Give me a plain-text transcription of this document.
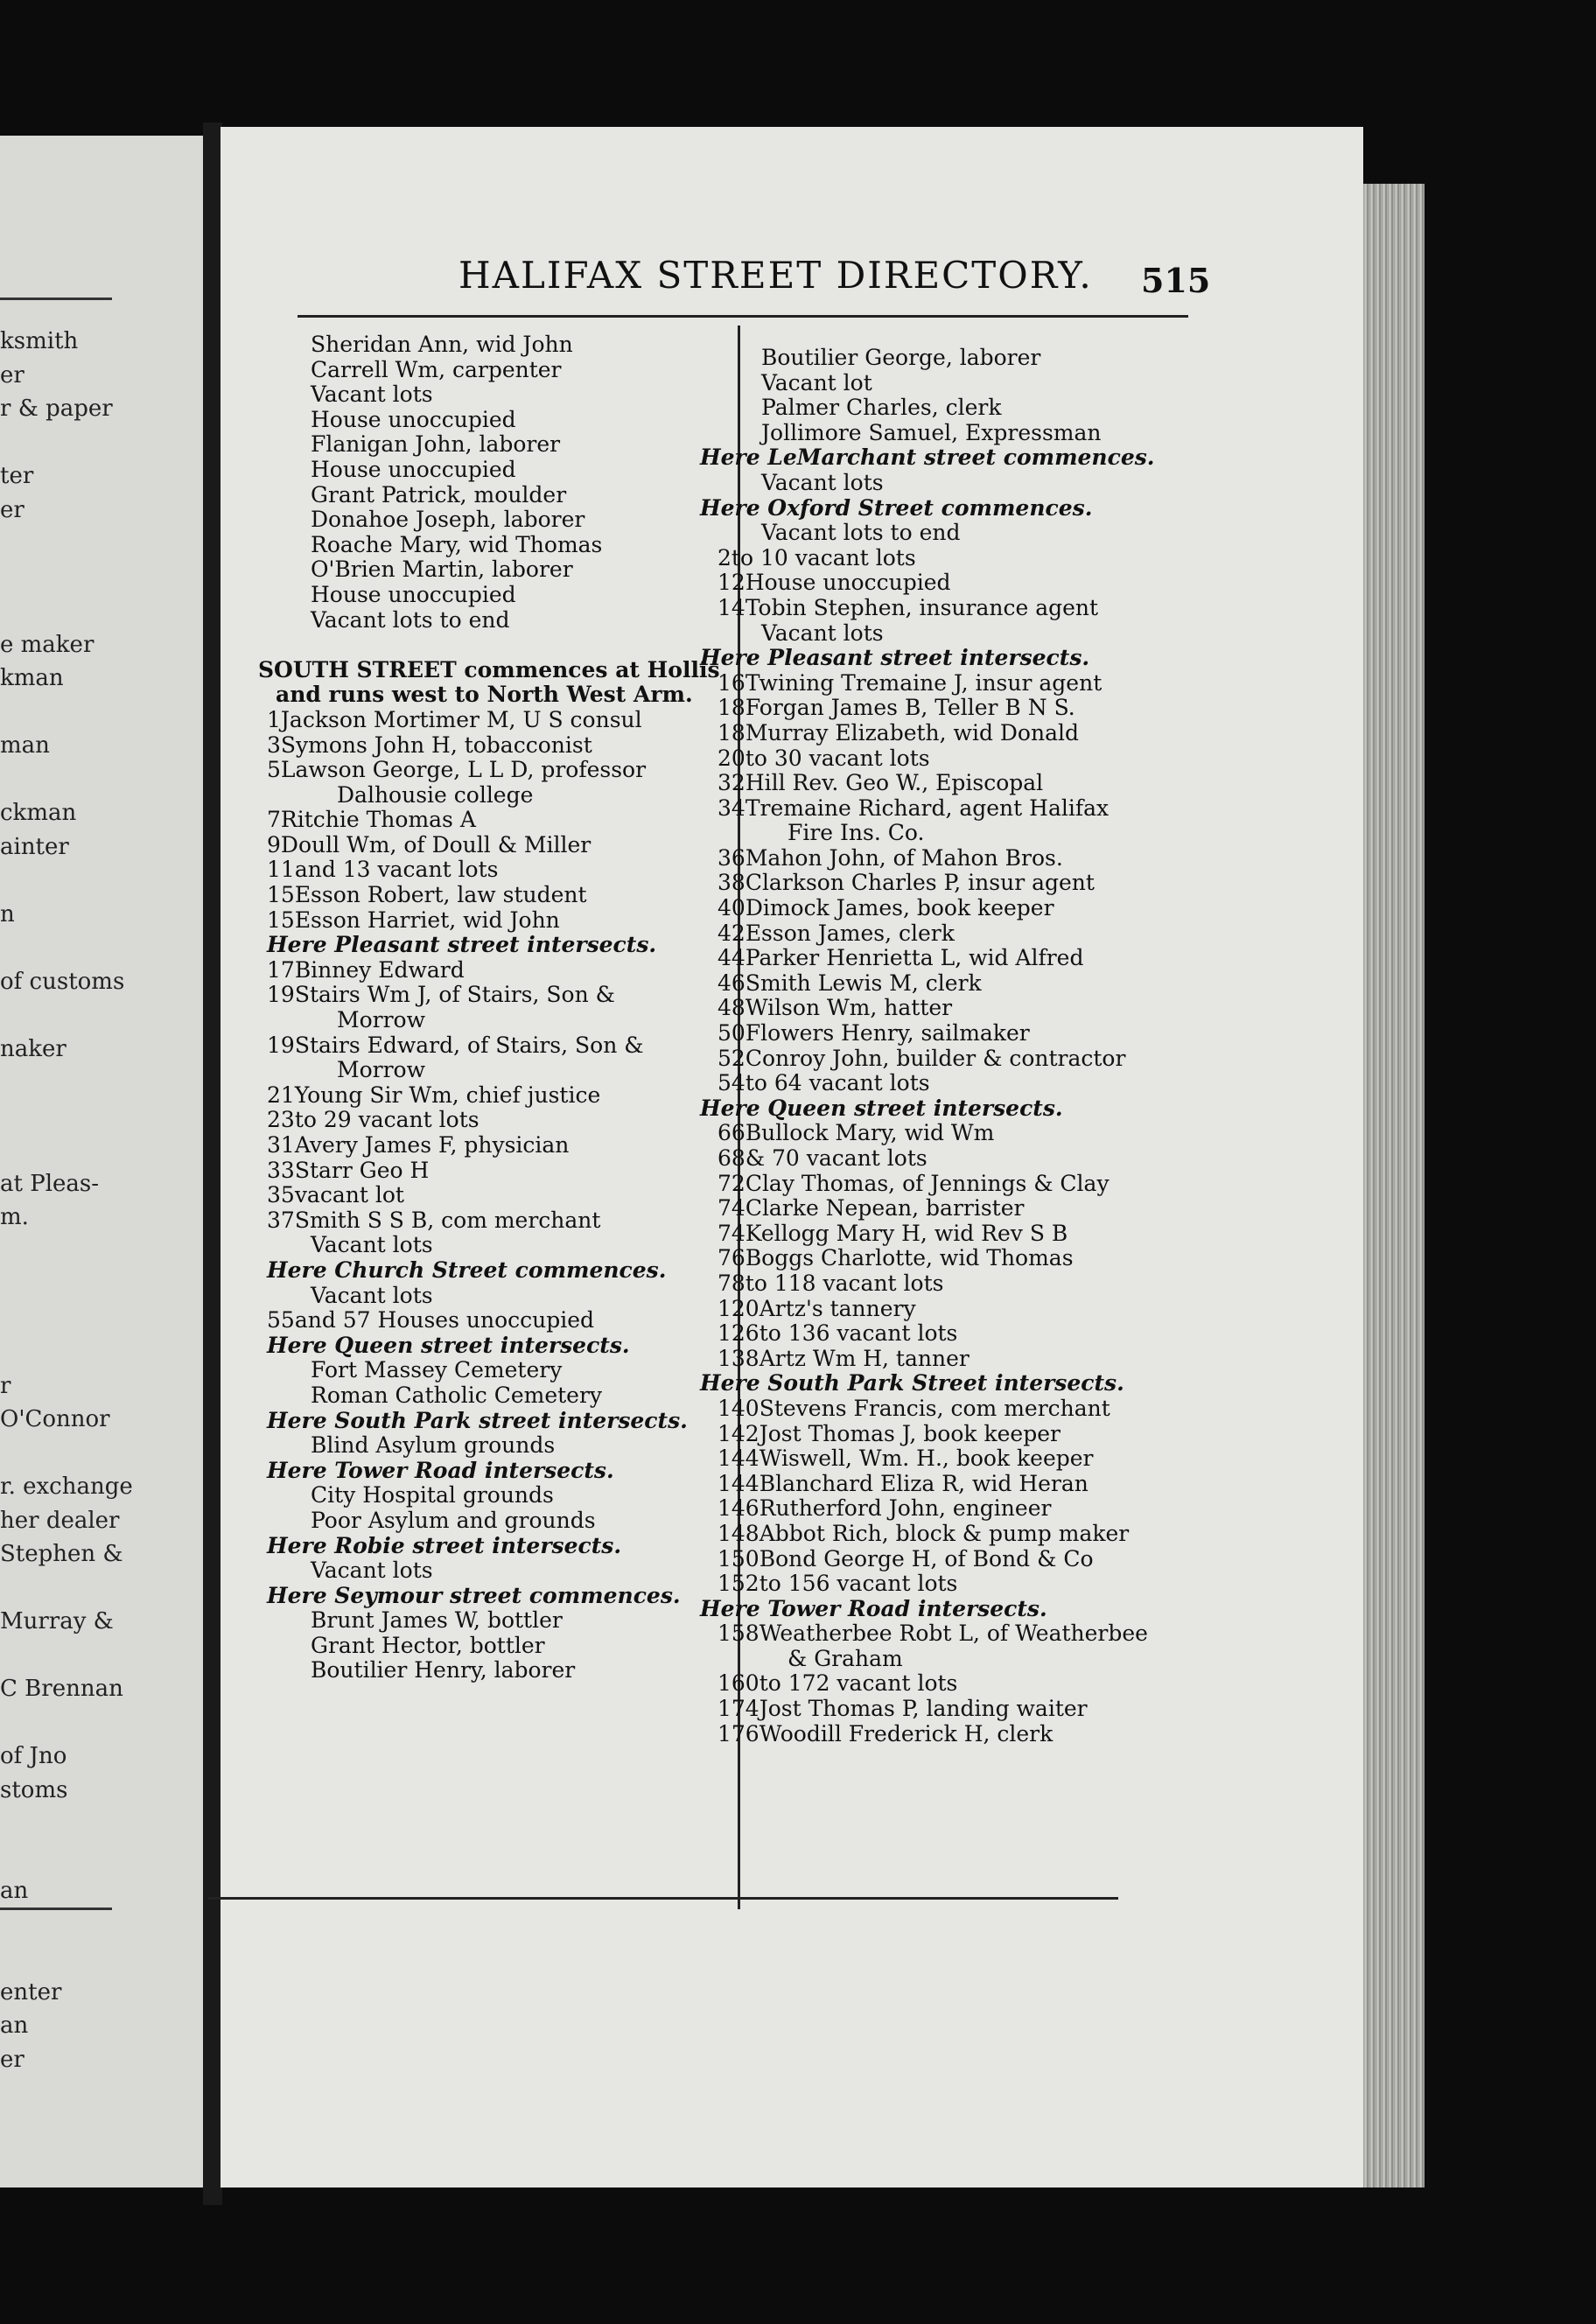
ksmith
er
r & paper
ter
er
e maker
kman
man
ckman
ainter
n
of customs
naker
at Pleas-
m.
r
O'Connor
r. exchange
her dealer
Stephen &
Murray &
C Brennan
of Jno
stoms
an
enter
an
er
HALIFAX STREET DIRECTORY. 515
Sheridan Ann, wid John
Carrell Wm, carpenter
Vacant lots
House unoccupied
Flanigan John, laborer
House unoccupied
Grant Patrick, moulder
Donahoe Joseph, laborer
Roache Mary, wid Thomas
O'Brien Martin, laborer
House unoccupied
Vacant lots to end
SOUTH STREET commences at Hollis
and runs west to North West Arm.
1Jackson Mortimer M, U S consul
3Symons John H, tobacconist
5Lawson George, L L D, professor
Dalhousie college
7Ritchie Thomas A
9Doull Wm, of Doull & Miller
11and 13 vacant lots
15Esson Robert, law student
15Esson Harriet, wid John
Here Pleasant street intersects.
17Binney Edward
19Stairs Wm J, of Stairs, Son &
Morrow
19Stairs Edward, of Stairs, Son &
Morrow
21Young Sir Wm, chief justice
23to 29 vacant lots
31Avery James F, physician
33Starr Geo H
35vacant lot
37Smith S S B, com merchant
Vacant lots
Here Church Street commences.
Vacant lots
55and 57 Houses unoccupied
Here Queen street intersects.
Fort Massey Cemetery
Roman Catholic Cemetery
Here South Park street intersects.
Blind Asylum grounds
Here Tower Road intersects.
City Hospital grounds
Poor Asylum and grounds
Here Robie street intersects.
Vacant lots
Here Seymour street commences.
Brunt James W, bottler
Grant Hector, bottler
Boutilier Henry, laborer
Boutilier George, laborer
Vacant lot
Palmer Charles, clerk
Jollimore Samuel, Expressman
Here LeMarchant street commences.
Vacant lots
Here Oxford Street commences.
Vacant lots to end
2to 10 vacant lots
12House unoccupied
14Tobin Stephen, insurance agent
Vacant lots
Here Pleasant street intersects.
16Twining Tremaine J, insur agent
18Forgan James B, Teller B N S.
18Murray Elizabeth, wid Donald
20to 30 vacant lots
32Hill Rev. Geo W., Episcopal
34Tremaine Richard, agent Halifax
Fire Ins. Co.
36Mahon John, of Mahon Bros.
38Clarkson Charles P, insur agent
40Dimock James, book keeper
42Esson James, clerk
44Parker Henrietta L, wid Alfred
46Smith Lewis M, clerk
48Wilson Wm, hatter
50Flowers Henry, sailmaker
52Conroy John, builder & contractor
54to 64 vacant lots
Here Queen street intersects.
66Bullock Mary, wid Wm
68& 70 vacant lots
72Clay Thomas, of Jennings & Clay
74Clarke Nepean, barrister
74Kellogg Mary H, wid Rev S B
76Boggs Charlotte, wid Thomas
78to 118 vacant lots
120Artz's tannery
126to 136 vacant lots
138Artz Wm H, tanner
Here South Park Street intersects.
140Stevens Francis, com merchant
142Jost Thomas J, book keeper
144Wiswell, Wm. H., book keeper
144Blanchard Eliza R, wid Heran
146Rutherford John, engineer
148Abbot Rich, block & pump maker
150Bond George H, of Bond & Co
152to 156 vacant lots
Here Tower Road intersects.
158Weatherbee Robt L, of Weatherbee
& Graham
160to 172 vacant lots
174Jost Thomas P, landing waiter
176Woodill Frederick H, clerk
